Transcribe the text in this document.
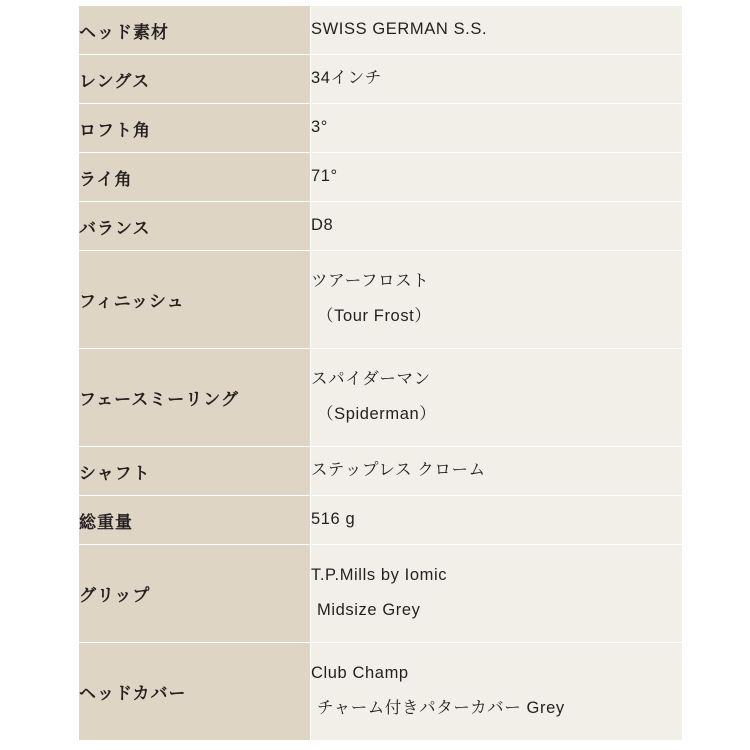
ヘッド素材	SWISS GERMAN S.S.

レングス	34インチ

ロフト角	3°

ライ角	71°

バランス	D8

フィニッシュ	ツアーフロスト
（Tour Frost）

フェースミーリング	スパイダーマン
（Spiderman）

シャフト	ステップレス クローム

総重量	516 g

グリップ	T.P.Mills by Iomic
Midsize Grey

ヘッドカバー	Club Champ
チャーム付きパターカバー Grey
